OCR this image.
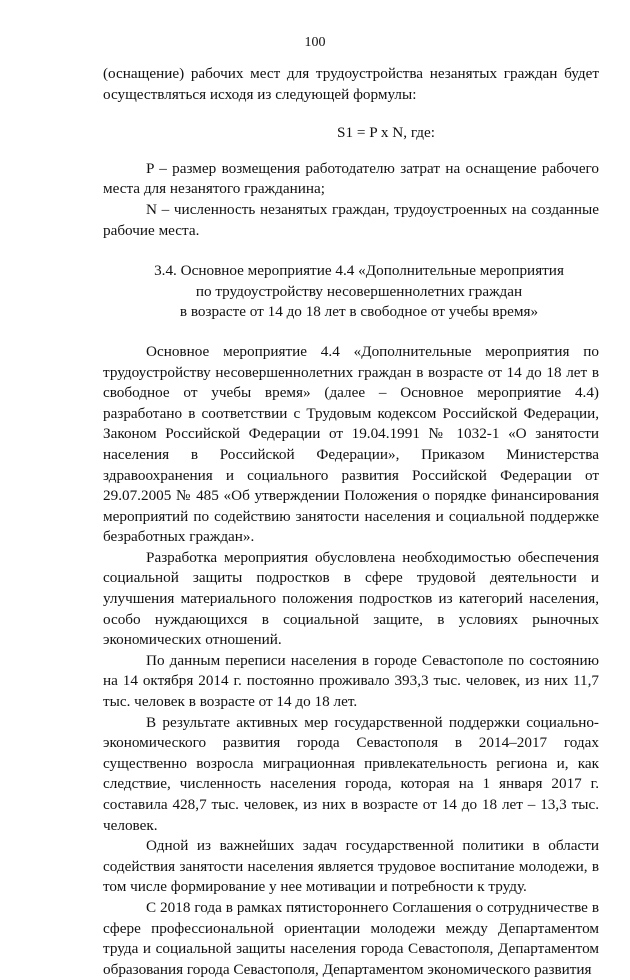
100

(оснащение) рабочих мест для трудоустройства незанятых граждан будет осуществляться исходя из следующей формулы:

S1 = P x N, где:

P – размер возмещения работодателю затрат на оснащение рабочего места для незанятого гражданина;

N – численность незанятых граждан, трудоустроенных на созданные рабочие места.

3.4. Основное мероприятие 4.4 «Дополнительные мероприятия
по трудоустройству несовершеннолетних граждан
в возрасте от 14 до 18 лет в свободное от учебы время»

Основное мероприятие 4.4 «Дополнительные мероприятия по трудоустройству несовершеннолетних граждан в возрасте от 14 до 18 лет в свободное от учебы время» (далее – Основное мероприятие 4.4) разработано в соответствии с Трудовым кодексом Российской Федерации, Законом Российской Федерации от 19.04.1991 № 1032-1 «О занятости населения в Российской Федерации», Приказом Министерства здравоохранения и социального развития Российской Федерации от 29.07.2005 № 485 «Об утверждении Положения о порядке финансирования мероприятий по содействию занятости населения и социальной поддержке безработных граждан».

Разработка мероприятия обусловлена необходимостью обеспечения социальной защиты подростков в сфере трудовой деятельности и улучшения материального положения подростков из категорий населения, особо нуждающихся в социальной защите, в условиях рыночных экономических отношений.

По данным переписи населения в городе Севастополе по состоянию на 14 октября 2014 г. постоянно проживало 393,3 тыс. человек, из них 11,7 тыс. человек в возрасте от 14 до 18 лет.

В результате активных мер государственной поддержки социально-экономического развития города Севастополя в 2014–2017 годах существенно возросла миграционная привлекательность региона и, как следствие, численность населения города, которая на 1 января 2017 г. составила 428,7 тыс. человек, из них в возрасте от 14 до 18 лет – 13,3 тыс. человек.

Одной из важнейших задач государственной политики в области содействия занятости населения является трудовое воспитание молодежи, в том числе формирование у нее мотивации и потребности к труду.

С 2018 года в рамках пятистороннего Соглашения о сотрудничестве в сфере профессиональной ориентации молодежи между Департаментом труда и социальной защиты населения города Севастополя, Департаментом образования города Севастополя, Департаментом экономического развития
